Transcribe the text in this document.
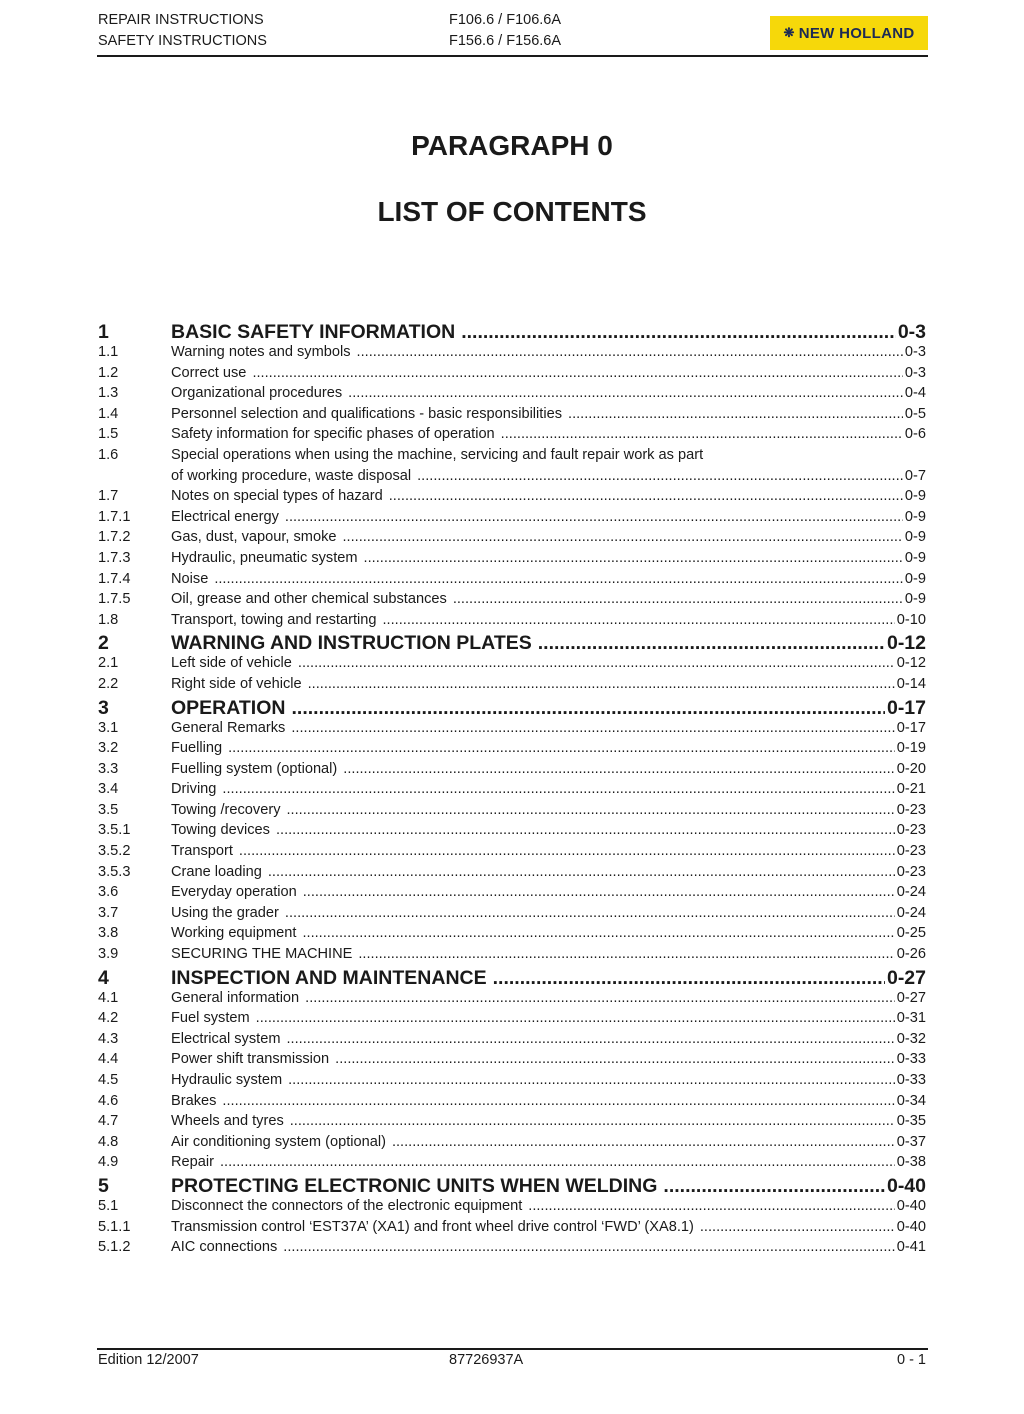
REPAIR INSTRUCTIONS
SAFETY INSTRUCTIONS
F106.6 / F106.6A
F156.6 / F156.6A
❋ NEW HOLLAND
PARAGRAPH 0
LIST OF CONTENTS
1	BASIC SAFETY INFORMATION .....	0-3
1.1	Warning notes and symbols .....	0-3
1.2	Correct use .....	0-3
1.3	Organizational procedures .....	0-4
1.4	Personnel selection and qualifications - basic responsibilities .....	0-5
1.5	Safety information for specific phases of operation .....	0-6
1.6	Special operations when using the machine, servicing and fault repair work as part
of working procedure, waste disposal .....	0-7
1.7	Notes on special types of hazard .....	0-9
1.7.1	Electrical energy .....	0-9
1.7.2	Gas, dust, vapour, smoke .....	0-9
1.7.3	Hydraulic, pneumatic system .....	0-9
1.7.4	Noise .....	0-9
1.7.5	Oil, grease and other chemical substances .....	0-9
1.8	Transport, towing and restarting .....	0-10
2	WARNING AND INSTRUCTION PLATES .....	0-12
2.1	Left side of vehicle .....	0-12
2.2	Right side of vehicle .....	0-14
3	OPERATION .....	0-17
3.1	General Remarks .....	0-17
3.2	Fuelling .....	0-19
3.3	Fuelling system (optional) .....	0-20
3.4	Driving .....	0-21
3.5	Towing /recovery .....	0-23
3.5.1	Towing devices .....	0-23
3.5.2	Transport .....	0-23
3.5.3	Crane loading .....	0-23
3.6	Everyday operation .....	0-24
3.7	Using the grader .....	0-24
3.8	Working equipment .....	0-25
3.9	SECURING THE MACHINE .....	0-26
4	INSPECTION AND MAINTENANCE .....	0-27
4.1	General information .....	0-27
4.2	Fuel system .....	0-31
4.3	Electrical system .....	0-32
4.4	Power shift transmission .....	0-33
4.5	Hydraulic system .....	0-33
4.6	Brakes .....	0-34
4.7	Wheels and tyres .....	0-35
4.8	Air conditioning system (optional) .....	0-37
4.9	Repair .....	0-38
5	PROTECTING ELECTRONIC UNITS WHEN WELDING .....	0-40
5.1	Disconnect the connectors of the electronic equipment .....	0-40
5.1.1	Transmission control ‘EST37A’ (XA1) and front wheel drive control ‘FWD’ (XA8.1) .....	0-40
5.1.2	AIC connections .....	0-41
Edition 12/2007	87726937A	0 - 1
